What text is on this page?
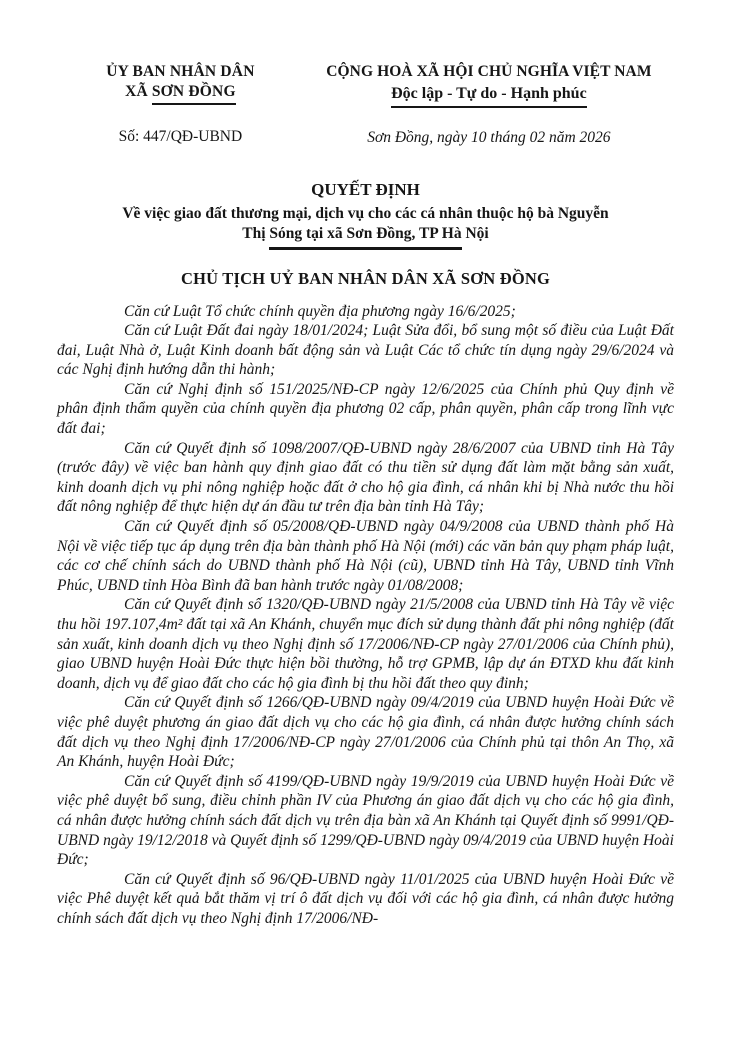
ỦY BAN NHÂN DÂN
XÃ SƠN ĐỒNG
Số: 447/QĐ-UBND
CỘNG HOÀ XÃ HỘI CHỦ NGHĨA VIỆT NAM
Độc lập - Tự do - Hạnh phúc
Sơn Đồng, ngày 10 tháng 02 năm 2026
QUYẾT ĐỊNH
Về việc giao đất thương mại, dịch vụ cho các cá nhân thuộc hộ bà Nguyễn
Thị Sóng tại xã Sơn Đồng, TP Hà Nội
CHỦ TỊCH UỶ BAN NHÂN DÂN XÃ SƠN ĐỒNG

Căn cứ Luật Tổ chức chính quyền địa phương ngày 16/6/2025;

Căn cứ Luật Đất đai ngày 18/01/2024; Luật Sửa đổi, bổ sung một số điều của Luật Đất đai, Luật Nhà ở, Luật Kinh doanh bất động sản và Luật Các tổ chức tín dụng ngày 29/6/2024 và các Nghị định hướng dẫn thi hành;

Căn cứ Nghị định số 151/2025/NĐ-CP ngày 12/6/2025 của Chính phủ Quy định về phân định thẩm quyền của chính quyền địa phương 02 cấp, phân quyền, phân cấp trong lĩnh vực đất đai;

Căn cứ Quyết định số 1098/2007/QĐ-UBND ngày 28/6/2007 của UBND tỉnh Hà Tây (trước đây) về việc ban hành quy định giao đất có thu tiền sử dụng đất làm mặt bằng sản xuất, kinh doanh dịch vụ phi nông nghiệp hoặc đất ở cho hộ gia đình, cá nhân khi bị Nhà nước thu hồi đất nông nghiệp để thực hiện dự án đầu tư trên địa bàn tỉnh Hà Tây;

Căn cứ Quyết định số 05/2008/QĐ-UBND ngày 04/9/2008 của UBND thành phố Hà Nội về việc tiếp tục áp dụng trên địa bàn thành phố Hà Nội (mới) các văn bản quy phạm pháp luật, các cơ chế chính sách do UBND thành phố Hà Nội (cũ), UBND tỉnh Hà Tây, UBND tỉnh Vĩnh Phúc, UBND tỉnh Hòa Bình đã ban hành trước ngày 01/08/2008;

Căn cứ Quyết định số 1320/QĐ-UBND ngày 21/5/2008 của UBND tỉnh Hà Tây về việc thu hồi 197.107,4m² đất tại xã An Khánh, chuyển mục đích sử dụng thành đất phi nông nghiệp (đất sản xuất, kinh doanh dịch vụ theo Nghị định số 17/2006/NĐ-CP ngày 27/01/2006 của Chính phủ), giao UBND huyện Hoài Đức thực hiện bồi thường, hỗ trợ GPMB, lập dự án ĐTXD khu đất kinh doanh, dịch vụ để giao đất cho các hộ gia đình bị thu hồi đất theo quy đinh;

Căn cứ Quyết định số 1266/QĐ-UBND ngày 09/4/2019 của UBND huyện Hoài Đức về việc phê duyệt phương án giao đất dịch vụ cho các hộ gia đình, cá nhân được hưởng chính sách đất dịch vụ theo Nghị định 17/2006/NĐ-CP ngày 27/01/2006 của Chính phủ tại thôn An Thọ, xã An Khánh, huyện Hoài Đức;

Căn cứ Quyết định số 4199/QĐ-UBND ngày 19/9/2019 của UBND huyện Hoài Đức về việc phê duyệt bổ sung, điều chỉnh phần IV của Phương án giao đất dịch vụ cho các hộ gia đình, cá nhân được hưởng chính sách đất dịch vụ trên địa bàn xã An Khánh tại Quyết định số 9991/QĐ-UBND ngày 19/12/2018 và Quyết định số 1299/QĐ-UBND ngày 09/4/2019 của UBND huyện Hoài Đức;

Căn cứ Quyết định số 96/QĐ-UBND ngày 11/01/2025 của UBND huyện Hoài Đức về việc Phê duyệt kết quả bắt thăm vị trí ô đất dịch vụ đối với các hộ gia đình, cá nhân được hưởng chính sách đất dịch vụ theo Nghị định 17/2006/NĐ-
